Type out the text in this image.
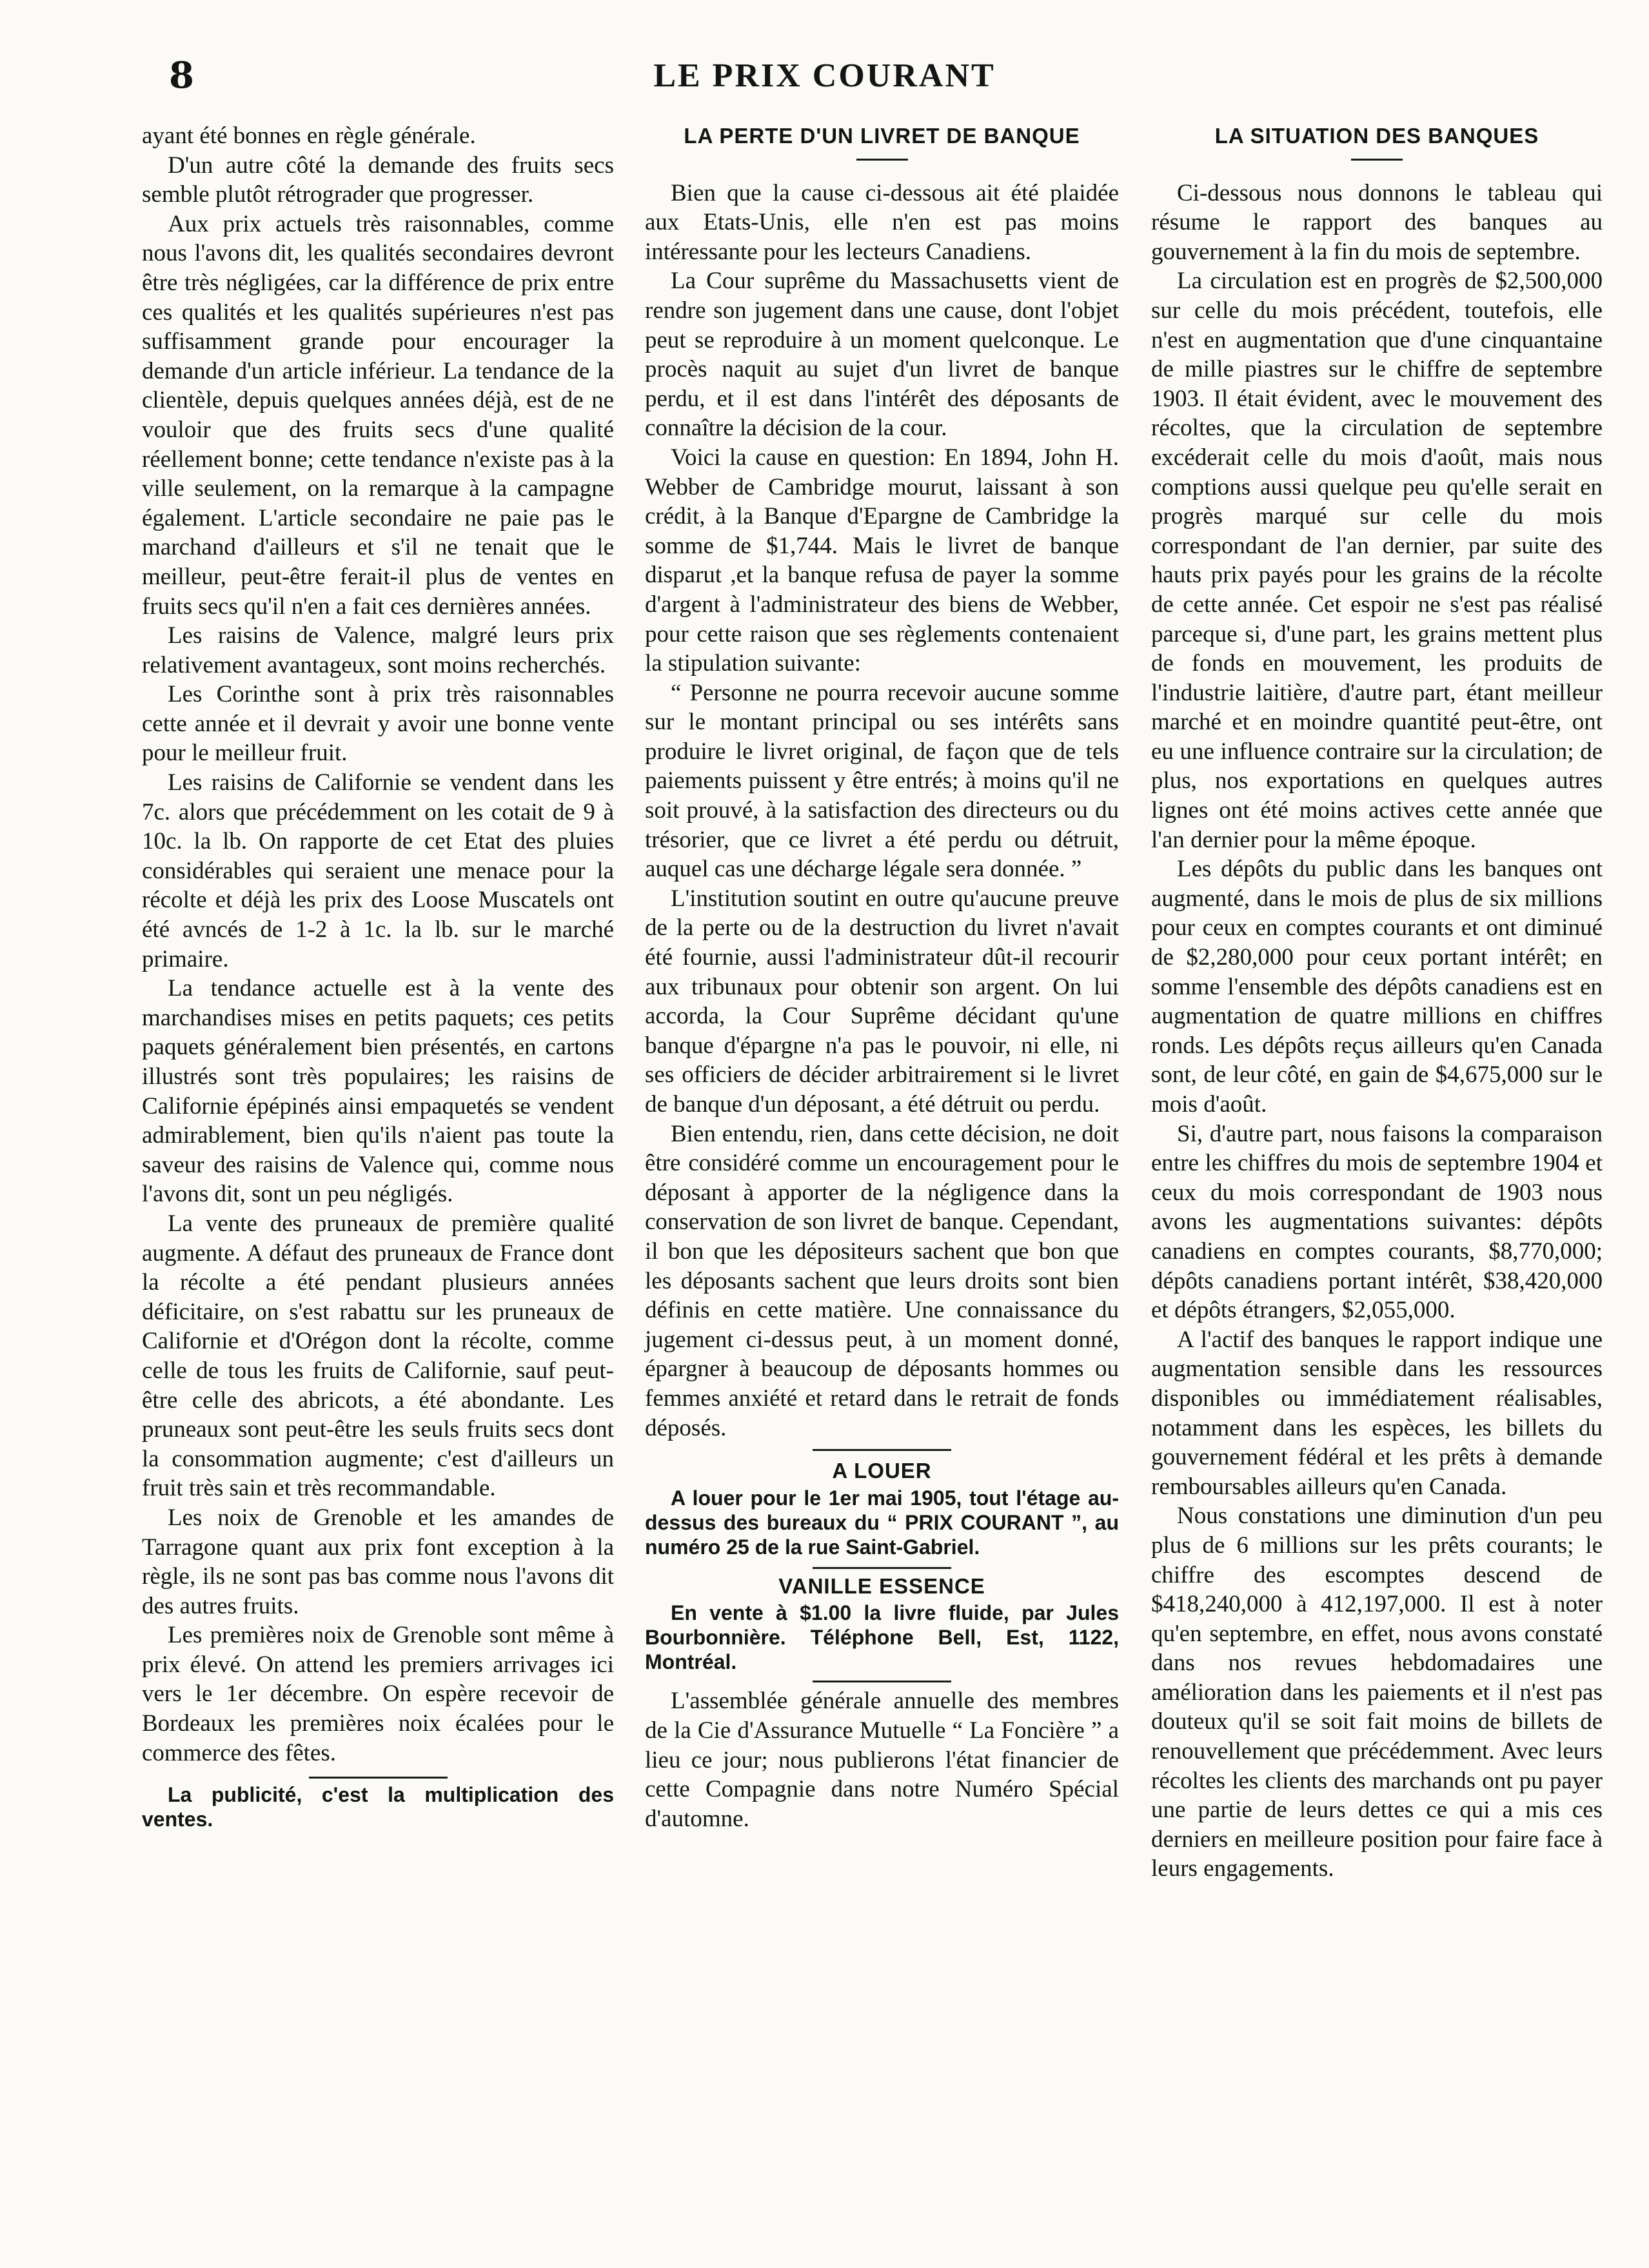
8	LE PRIX COURANT

ayant été bonnes en règle générale.

D'un autre côté la demande des fruits secs semble plutôt rétrograder que progresser.

Aux prix actuels très raisonnables, comme nous l'avons dit, les qualités secondaires devront être très négligées, car la différence de prix entre ces qualités et les qualités supérieures n'est pas suffisamment grande pour encourager la demande d'un article inférieur. La tendance de la clientèle, depuis quelques années déjà, est de ne vouloir que des fruits secs d'une qualité réellement bonne; cette tendance n'existe pas à la ville seulement, on la remarque à la campagne également. L'article secondaire ne paie pas le marchand d'ailleurs et s'il ne tenait que le meilleur, peut-être ferait-il plus de ventes en fruits secs qu'il n'en a fait ces dernières années.

Les raisins de Valence, malgré leurs prix relativement avantageux, sont moins recherchés.

Les Corinthe sont à prix très raisonnables cette année et il devrait y avoir une bonne vente pour le meilleur fruit.

Les raisins de Californie se vendent dans les 7c. alors que précédemment on les cotait de 9 à 10c. la lb. On rapporte de cet Etat des pluies considérables qui seraient une menace pour la récolte et déjà les prix des Loose Muscatels ont été avncés de 1-2 à 1c. la lb. sur le marché primaire.

La tendance actuelle est à la vente des marchandises mises en petits paquets; ces petits paquets généralement bien présentés, en cartons illustrés sont très populaires; les raisins de Californie épépinés ainsi empaquetés se vendent admirablement, bien qu'ils n'aient pas toute la saveur des raisins de Valence qui, comme nous l'avons dit, sont un peu négligés.

La vente des pruneaux de première qualité augmente. A défaut des pruneaux de France dont la récolte a été pendant plusieurs années déficitaire, on s'est rabattu sur les pruneaux de Californie et d'Orégon dont la récolte, comme celle de tous les fruits de Californie, sauf peut-être celle des abricots, a été abondante. Les pruneaux sont peut-être les seuls fruits secs dont la consommation augmente; c'est d'ailleurs un fruit très sain et très recommandable.

Les noix de Grenoble et les amandes de Tarragone quant aux prix font exception à la règle, ils ne sont pas bas comme nous l'avons dit des autres fruits.

Les premières noix de Grenoble sont même à prix élevé. On attend les premiers arrivages ici vers le 1er décembre. On espère recevoir de Bordeaux les premières noix écalées pour le commerce des fêtes.

La publicité, c'est la multiplication des ventes.

LA PERTE D'UN LIVRET DE BANQUE

Bien que la cause ci-dessous ait été plaidée aux Etats-Unis, elle n'en est pas moins intéressante pour les lecteurs Canadiens.

La Cour suprême du Massachusetts vient de rendre son jugement dans une cause, dont l'objet peut se reproduire à un moment quelconque. Le procès naquit au sujet d'un livret de banque perdu, et il est dans l'intérêt des déposants de connaître la décision de la cour.

Voici la cause en question: En 1894, John H. Webber de Cambridge mourut, laissant à son crédit, à la Banque d'Epargne de Cambridge la somme de $1,744. Mais le livret de banque disparut ,et la banque refusa de payer la somme d'argent à l'administrateur des biens de Webber, pour cette raison que ses règlements contenaient la stipulation suivante:

“ Personne ne pourra recevoir aucune somme sur le montant principal ou ses intérêts sans produire le livret original, de façon que de tels paiements puissent y être entrés; à moins qu'il ne soit prouvé, à la satisfaction des directeurs ou du trésorier, que ce livret a été perdu ou détruit, auquel cas une décharge légale sera donnée. ”

L'institution soutint en outre qu'aucune preuve de la perte ou de la destruction du livret n'avait été fournie, aussi l'administrateur dût-il recourir aux tribunaux pour obtenir son argent. On lui accorda, la Cour Suprême décidant qu'une banque d'épargne n'a pas le pouvoir, ni elle, ni ses officiers de décider arbitrairement si le livret de banque d'un déposant, a été détruit ou perdu.

Bien entendu, rien, dans cette décision, ne doit être considéré comme un encouragement pour le déposant à apporter de la négligence dans la conservation de son livret de banque. Cependant, il bon que les dépositeurs sachent que bon que les déposants sachent que leurs droits sont bien définis en cette matière. Une connaissance du jugement ci-dessus peut, à un moment donné, épargner à beaucoup de déposants hommes ou femmes anxiété et retard dans le retrait de fonds déposés.

A LOUER

A louer pour le 1er mai 1905, tout l'étage au-dessus des bureaux du “ PRIX COURANT ”, au numéro 25 de la rue Saint-Gabriel.

VANILLE ESSENCE

En vente à $1.00 la livre fluide, par Jules Bourbonnière. Téléphone Bell, Est, 1122, Montréal.

L'assemblée générale annuelle des membres de la Cie d'Assurance Mutuelle “ La Foncière ” a lieu ce jour; nous publierons l'état financier de cette Compagnie dans notre Numéro Spécial d'automne.

LA SITUATION DES BANQUES

Ci-dessous nous donnons le tableau qui résume le rapport des banques au gouvernement à la fin du mois de septembre.

La circulation est en progrès de $2,500,000 sur celle du mois précédent, toutefois, elle n'est en augmentation que d'une cinquantaine de mille piastres sur le chiffre de septembre 1903. Il était évident, avec le mouvement des récoltes, que la circulation de septembre excéderait celle du mois d'août, mais nous comptions aussi quelque peu qu'elle serait en progrès marqué sur celle du mois correspondant de l'an dernier, par suite des hauts prix payés pour les grains de la récolte de cette année. Cet espoir ne s'est pas réalisé parceque si, d'une part, les grains mettent plus de fonds en mouvement, les produits de l'industrie laitière, d'autre part, étant meilleur marché et en moindre quantité peut-être, ont eu une influence contraire sur la circulation; de plus, nos exportations en quelques autres lignes ont été moins actives cette année que l'an dernier pour la même époque.

Les dépôts du public dans les banques ont augmenté, dans le mois de plus de six millions pour ceux en comptes courants et ont diminué de $2,280,000 pour ceux portant intérêt; en somme l'ensemble des dépôts canadiens est en augmentation de quatre millions en chiffres ronds. Les dépôts reçus ailleurs qu'en Canada sont, de leur côté, en gain de $4,675,000 sur le mois d'août.

Si, d'autre part, nous faisons la comparaison entre les chiffres du mois de septembre 1904 et ceux du mois correspondant de 1903 nous avons les augmentations suivantes: dépôts canadiens en comptes courants, $8,770,000; dépôts canadiens portant intérêt, $38,420,000 et dépôts étrangers, $2,055,000.

A l'actif des banques le rapport indique une augmentation sensible dans les ressources disponibles ou immédiatement réalisables, notamment dans les espèces, les billets du gouvernement fédéral et les prêts à demande remboursables ailleurs qu'en Canada.

Nous constations une diminution d'un peu plus de 6 millions sur les prêts courants; le chiffre des escomptes descend de $418,240,000 à 412,197,000. Il est à noter qu'en septembre, en effet, nous avons constaté dans nos revues hebdomadaires une amélioration dans les paiements et il n'est pas douteux qu'il se soit fait moins de billets de renouvellement que précédemment. Avec leurs récoltes les clients des marchands ont pu payer une partie de leurs dettes ce qui a mis ces derniers en meilleure position pour faire face à leurs engagements.
